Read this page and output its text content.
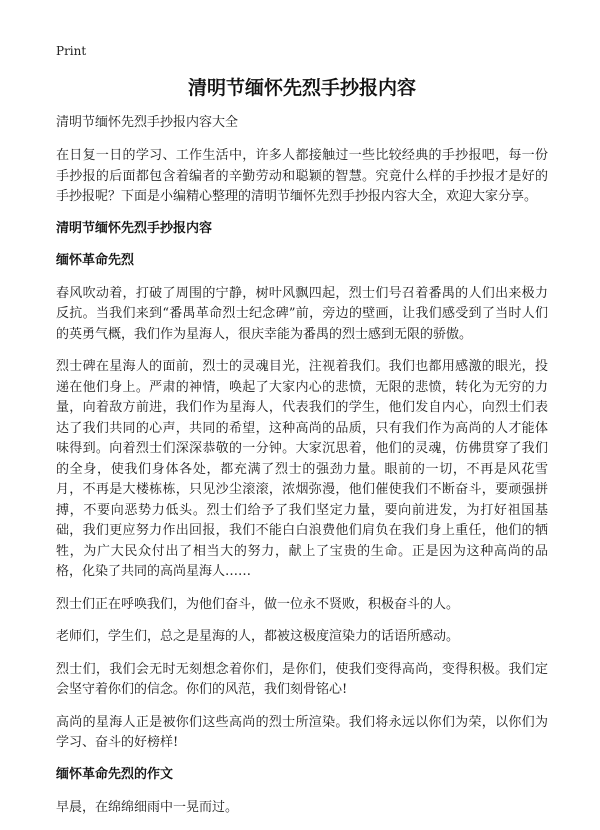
Print
清明节缅怀先烈手抄报内容
清明节缅怀先烈手抄报内容大全

在日复一日的学习、工作生活中，许多人都接触过一些比较经典的手抄报吧，每一份手抄报的后面都包含着编者的辛勤劳动和聪颖的智慧。究竟什么样的手抄报才是好的手抄报呢？下面是小编精心整理的清明节缅怀先烈手抄报内容大全，欢迎大家分享。

清明节缅怀先烈手抄报内容
缅怀革命先烈

春风吹动着，打破了周围的宁静，树叶风飘四起，烈士们号召着番禺的人们出来极力反抗。当我们来到“番禺革命烈士纪念碑”前，旁边的壁画，让我们感受到了当时人们的英勇气概，我们作为星海人，很庆幸能为番禺的烈士感到无限的骄傲。

烈士碑在星海人的面前，烈士的灵魂目光，注视着我们。我们也都用感激的眼光，投递在他们身上。严肃的神情，唤起了大家内心的悲愤，无限的悲愤，转化为无穷的力量，向着敌方前进，我们作为星海人，代表我们的学生，他们发自内心，向烈士们表达了我们共同的心声，共同的希望，这种高尚的品质，只有我们作为高尚的人才能体味得到。向着烈士们深深恭敬的一分钟。大家沉思着，他们的灵魂，仿佛贯穿了我们的全身，使我们身体各处，都充满了烈士的强劲力量。眼前的一切，不再是风花雪月，不再是大楼栋栋，只见沙尘滚滚，浓烟弥漫，他们催使我们不断奋斗，要顽强拼搏，不要向恶势力低头。烈士们给予了我们坚定力量，要向前进发，为打好祖国基础，我们更应努力作出回报，我们不能白白浪费他们肩负在我们身上重任，他们的牺牲，为广大民众付出了相当大的努力，献上了宝贵的生命。正是因为这种高尚的品格，化染了共同的高尚星海人……

烈士们正在呼唤我们，为他们奋斗，做一位永不贤败，积极奋斗的人。

老师们，学生们，总之是星海的人，都被这极度渲染力的话语所感动。

烈士们，我们会无时无刻想念着你们，是你们，使我们变得高尚，变得积极。我们定会坚守着你们的信念。你们的风范，我们刻骨铭心!

高尚的星海人正是被你们这些高尚的烈士所渲染。我们将永远以你们为荣，以你们为学习、奋斗的好榜样!

缅怀革命先烈的作文

早晨，在绵绵细雨中一晃而过。
